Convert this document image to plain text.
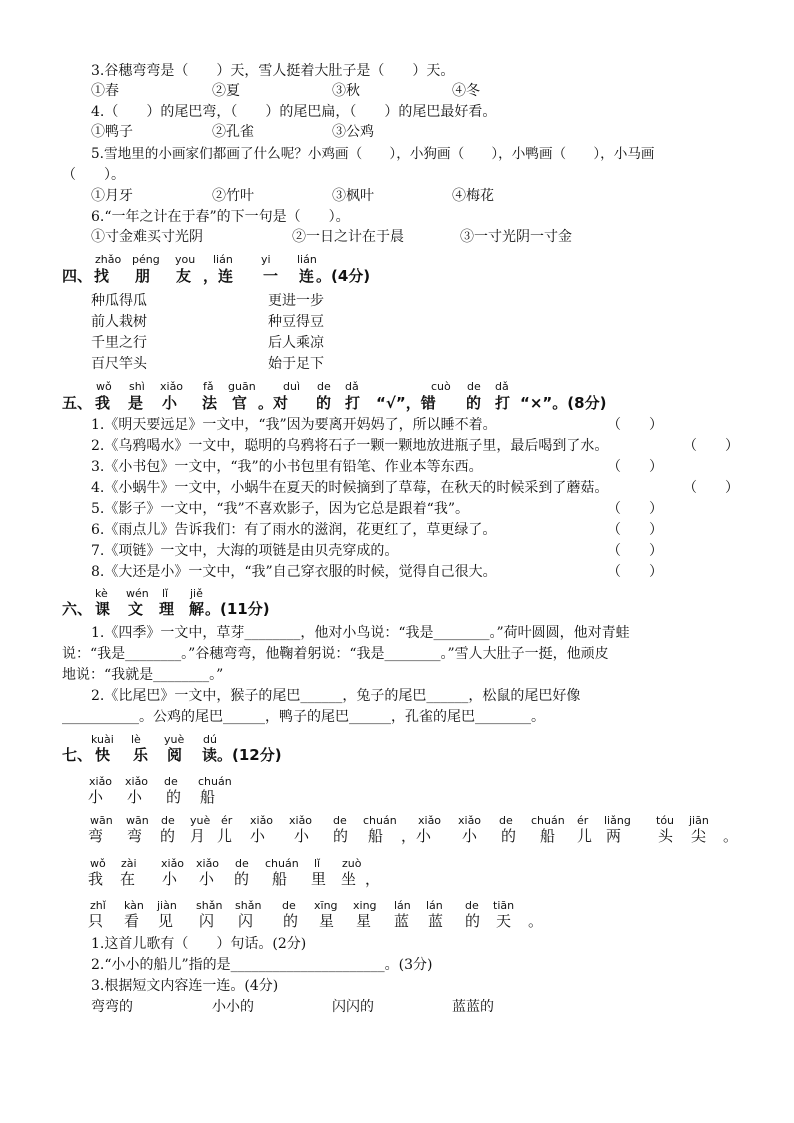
3.谷穗弯弯是（　　）天，雪人挺着大肚子是（　　）天。
①春	②夏	③秋	④冬
4.（　　）的尾巴弯，（　　）的尾巴扁，（　　）的尾巴最好看。
①鸭子	②孔雀	③公鸡
5.雪地里的小画家们都画了什么呢？小鸡画（　　），小狗画（　　），小鸭画（　　），小马画
（　　）。
①月牙	②竹叶	③枫叶	④梅花
6.“一年之计在于春”的下一句是（　　）。
①寸金难买寸光阴	②一日之计在于晨	③一寸光阴一寸金
zhǎo péng you lián	yi lián
四、 找 朋 友 ，连 一 连 。(4分)
种瓜得瓜
前人栽树
千里之行
百尺竿头
更进一步
种豆得豆
后人乘凉
始于足下
wǒ shì xiǎo fǎ guān duì de dǎ	cuò de dǎ
五、 我 是 小 法 官 。对 的 打 “√”，错 的 打 “×”。(8分)
1.《明天要远足》一文中，“我”因为要离开妈妈了，所以睡不着。	（　　）
2.《乌鸦喝水》一文中，聪明的乌鸦将石子一颗一颗地放进瓶子里，最后喝到了水。	（　　）
3.《小书包》一文中，“我”的小书包里有铅笔、作业本等东西。	（　　）
4.《小蜗牛》一文中，小蜗牛在夏天的时候摘到了草莓，在秋天的时候采到了蘑菇。	（　　）
5.《影子》一文中，“我”不喜欢影子，因为它总是跟着“我”。	（　　）
6.《雨点儿》告诉我们：有了雨水的滋润，花更红了，草更绿了。	（　　）
7.《项链》一文中，大海的项链是由贝壳穿成的。	（　　）
8.《大还是小》一文中，“我”自己穿衣服的时候，觉得自己很大。	（　　）
kè wén lǐ jiě
六、 课 文 理 解 。(11分)
1.《四季》一文中，草芽________，他对小鸟说：“我是________。”荷叶圆圆，他对青蛙
说：“我是________。”谷穗弯弯，他鞠着躬说：“我是________。”雪人大肚子一挺，他顽皮
地说：“我就是________。”
2.《比尾巴》一文中，猴子的尾巴______，兔子的尾巴______，松鼠的尾巴好像
___________。公鸡的尾巴______，鸭子的尾巴______，孔雀的尾巴________。
kuài lè yuè dú
七、 快 乐 阅 读 。(12分)
xiǎo xiǎo de chuán
小 小 的 船
wān wān de yuè ér xiǎo xiǎo de chuán xiǎo xiǎo de chuán ér liǎng tóu jiān
弯 弯 的 月 儿 小 小 的 船 ，小 小 的 船 儿 两 头 尖 。
wǒ zài xiǎo xiǎo de chuán lǐ zuò
我 在 小 小 的 船 里 坐 ，
zhǐ kàn jiàn shǎn shǎn de xīng xing lán lán de tiān
只 看 见 闪 闪 的 星 星 蓝 蓝 的 天 。
1.这首儿歌有（　　）句话。(2分)
2.“小小的船儿”指的是______________________。(3分)
3.根据短文内容连一连。(4分)
弯弯的	小小的	闪闪的	蓝蓝的
